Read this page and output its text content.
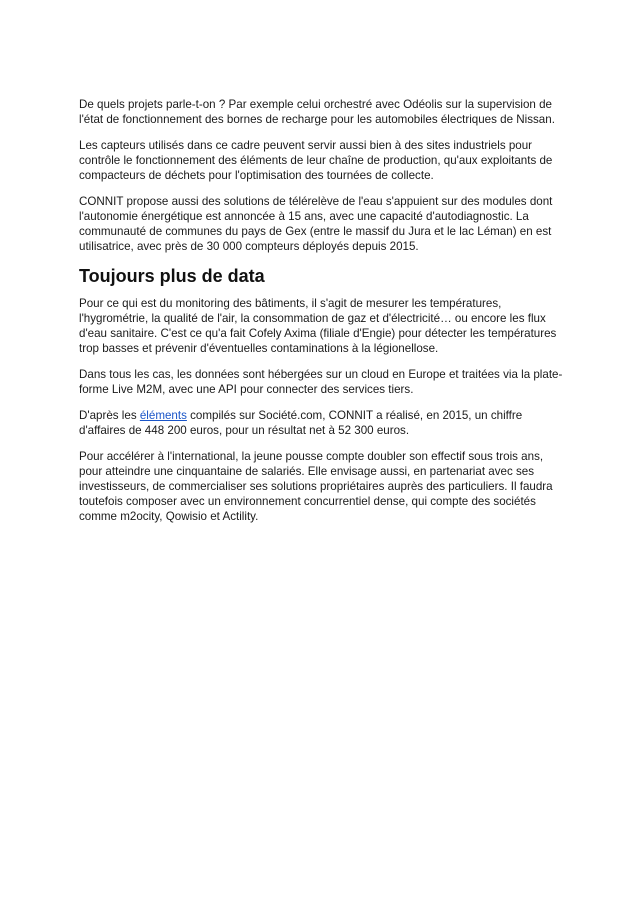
De quels projets parle-t-on ? Par exemple celui orchestré avec Odéolis sur la supervision de l'état de fonctionnement des bornes de recharge pour les automobiles électriques de Nissan.

Les capteurs utilisés dans ce cadre peuvent servir aussi bien à des sites industriels pour contrôle le fonctionnement des éléments de leur chaîne de production, qu'aux exploitants de compacteurs de déchets pour l'optimisation des tournées de collecte.

CONNIT propose aussi des solutions de télérelève de l'eau s'appuient sur des modules dont l'autonomie énergétique est annoncée à 15 ans, avec une capacité d'autodiagnostic. La communauté de communes du pays de Gex (entre le massif du Jura et le lac Léman) en est utilisatrice, avec près de 30 000 compteurs déployés depuis 2015.

Toujours plus de data

Pour ce qui est du monitoring des bâtiments, il s'agit de mesurer les températures, l'hygrométrie, la qualité de l'air, la consommation de gaz et d'électricité… ou encore les flux d'eau sanitaire. C'est ce qu'a fait Cofely Axima (filiale d'Engie) pour détecter les températures trop basses et prévenir d'éventuelles contaminations à la légionellose.

Dans tous les cas, les données sont hébergées sur un cloud en Europe et traitées via la plate-forme Live M2M, avec une API pour connecter des services tiers.

D'après les éléments compilés sur Société.com, CONNIT a réalisé, en 2015, un chiffre d'affaires de 448 200 euros, pour un résultat net à 52 300 euros.

Pour accélérer à l'international, la jeune pousse compte doubler son effectif sous trois ans, pour atteindre une cinquantaine de salariés. Elle envisage aussi, en partenariat avec ses investisseurs, de commercialiser ses solutions propriétaires auprès des particuliers. Il faudra toutefois composer avec un environnement concurrentiel dense, qui compte des sociétés comme m2ocity, Qowisio et Actility.
